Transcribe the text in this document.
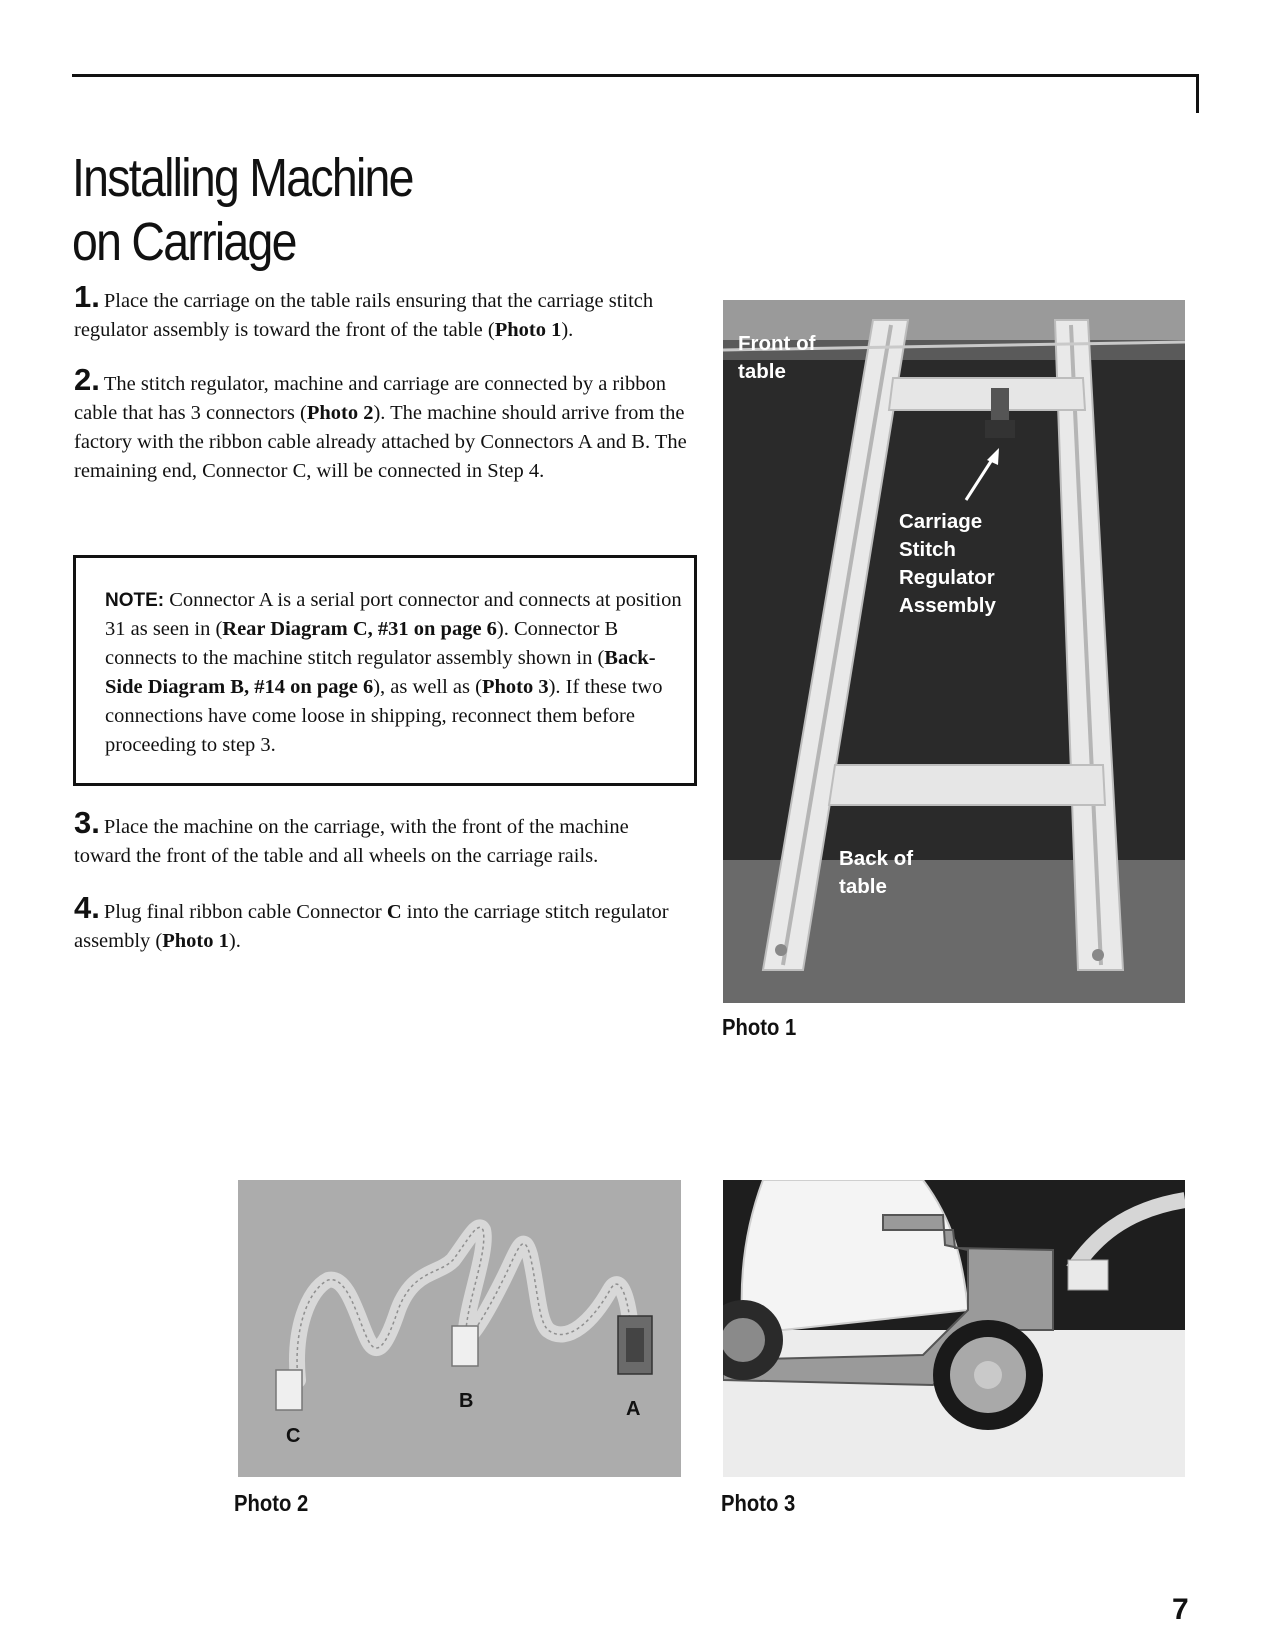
Installing Machine
on Carriage
1. Place the carriage on the table rails ensuring that the carriage stitch regulator assembly is toward the front of the table (Photo 1).
2. The stitch regulator, machine and carriage are connected by a ribbon cable that has 3 connectors (Photo 2). The machine should arrive from the factory with the ribbon cable already attached by Connectors A and B. The remaining end, Connector C, will be connected in Step 4.
NOTE: Connector A is a serial port connector and connects at position 31 as seen in (Rear Diagram C, #31 on page 6). Connector B connects to the machine stitch regulator assembly shown in (Back-Side Diagram B, #14 on page 6), as well as (Photo 3). If these two connections have come loose in shipping, reconnect them before proceeding to step 3.
3. Place the machine on the carriage, with the front of the machine toward the front of the table and all wheels on the carriage rails.
4. Plug final ribbon cable Connector C into the carriage stitch regulator assembly (Photo 1).
Front of
table
Carriage
Stitch
Regulator
Assembly
Back of
table
Photo 1
C
B	A
Photo 2	Photo 3
7
